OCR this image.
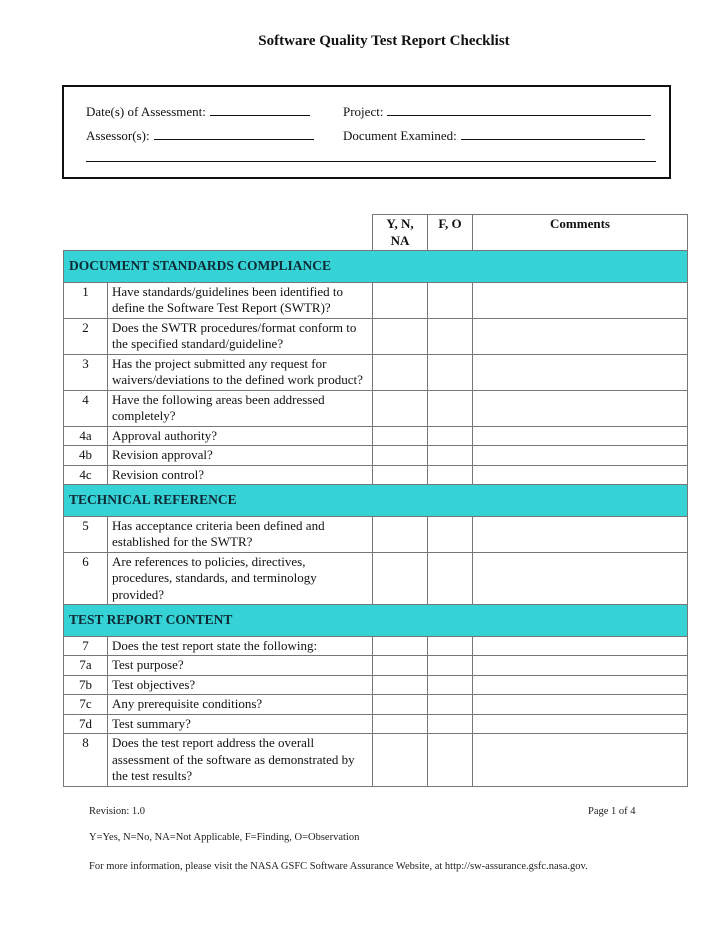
Software Quality Test Report Checklist
Date(s) of Assessment:	Project:
Assessor(s):	Document Examined:
		Y, N, NA	F, O	Comments
DOCUMENT STANDARDS COMPLIANCE				
1	Have standards/guidelines been identified to define the Software Test Report (SWTR)?			
2	Does the SWTR procedures/format conform to the specified standard/guideline?			
3	Has the project submitted any request for waivers/deviations to the defined work product?			
4	Have the following areas been addressed completely?			
4a	Approval authority?			
4b	Revision approval?			
4c	Revision control?			
TECHNICAL REFERENCE				
5	Has acceptance criteria been defined and established for the SWTR?			
6	Are references to policies, directives, procedures, standards, and terminology provided?			
TEST REPORT CONTENT				
7	Does the test report state the following:			
7a	Test purpose?			
7b	Test objectives?			
7c	Any prerequisite conditions?			
7d	Test summary?			
8	Does the test report address the overall assessment of the software as demonstrated by the test results?			
Revision: 1.0	Page 1 of 4
Y=Yes, N=No, NA=Not Applicable, F=Finding, O=Observation
For more information, please visit the NASA GSFC Software Assurance Website, at http://sw-assurance.gsfc.nasa.gov.
